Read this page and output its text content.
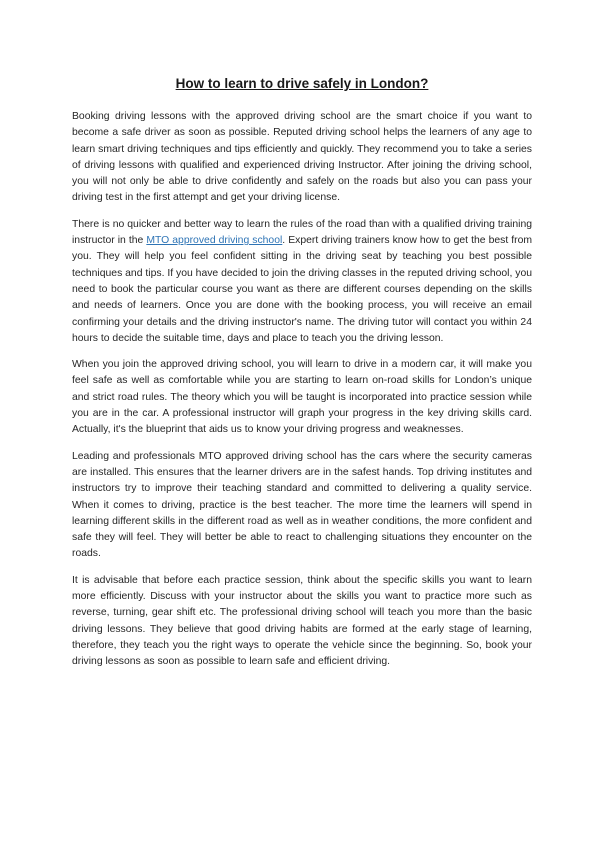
How to learn to drive safely in London?

Booking driving lessons with the approved driving school are the smart choice if you want to become a safe driver as soon as possible. Reputed driving school helps the learners of any age to learn smart driving techniques and tips efficiently and quickly. They recommend you to take a series of driving lessons with qualified and experienced driving Instructor. After joining the driving school, you will not only be able to drive confidently and safely on the roads but also you can pass your driving test in the first attempt and get your driving license.

There is no quicker and better way to learn the rules of the road than with a qualified driving training instructor in the MTO approved driving school. Expert driving trainers know how to get the best from you. They will help you feel confident sitting in the driving seat by teaching you best possible techniques and tips. If you have decided to join the driving classes in the reputed driving school, you need to book the particular course you want as there are different courses depending on the skills and needs of learners. Once you are done with the booking process, you will receive an email confirming your details and the driving instructor's name. The driving tutor will contact you within 24 hours to decide the suitable time, days and place to teach you the driving lesson.

When you join the approved driving school, you will learn to drive in a modern car, it will make you feel safe as well as comfortable while you are starting to learn on-road skills for London’s unique and strict road rules. The theory which you will be taught is incorporated into practice session while you are in the car. A professional instructor will graph your progress in the key driving skills card. Actually, it's the blueprint that aids us to know your driving progress and weaknesses.

Leading and professionals MTO approved driving school has the cars where the security cameras are installed. This ensures that the learner drivers are in the safest hands. Top driving institutes and instructors try to improve their teaching standard and committed to delivering a quality service. When it comes to driving, practice is the best teacher. The more time the learners will spend in learning different skills in the different road as well as in weather conditions, the more confident and safe they will feel. They will better be able to react to challenging situations they encounter on the roads.

It is advisable that before each practice session, think about the specific skills you want to learn more efficiently. Discuss with your instructor about the skills you want to practice more such as reverse, turning, gear shift etc. The professional driving school will teach you more than the basic driving lessons. They believe that good driving habits are formed at the early stage of learning, therefore, they teach you the right ways to operate the vehicle since the beginning. So, book your driving lessons as soon as possible to learn safe and efficient driving.
